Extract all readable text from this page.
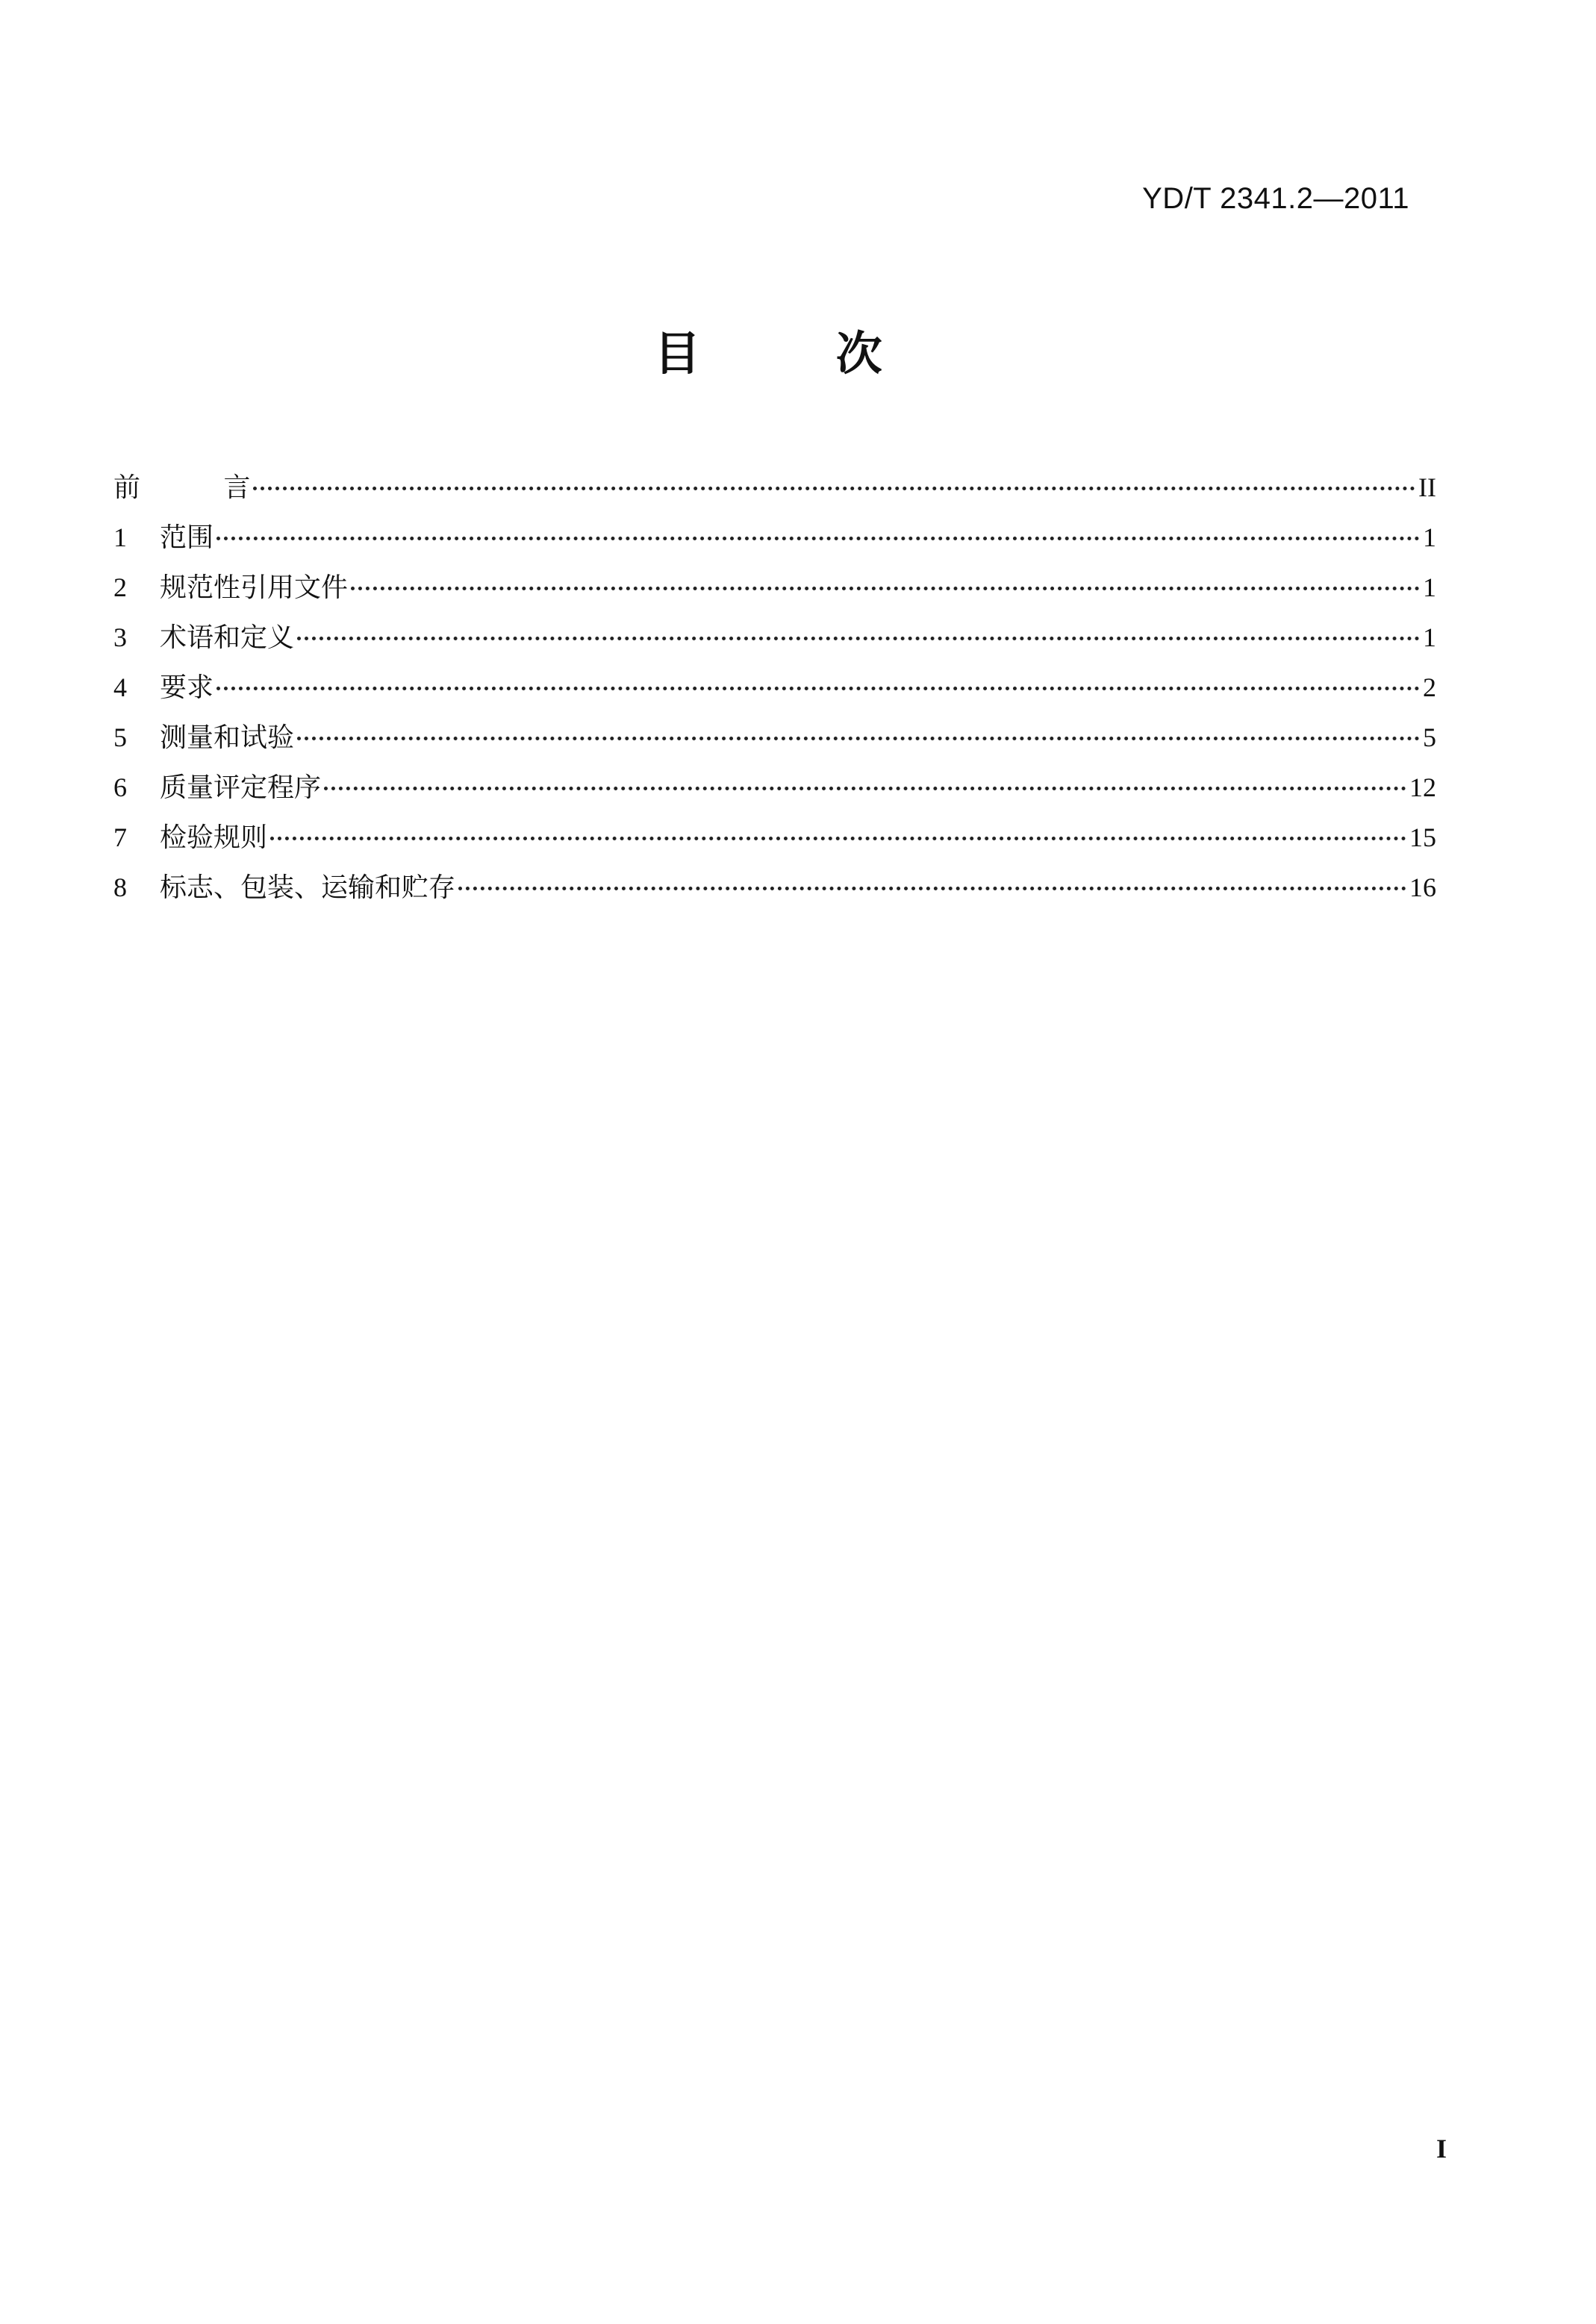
YD/T 2341.2—2011
目 次
前 言	II
1	范围	1
2	规范性引用文件	1
3	术语和定义	1
4	要求	2
5	测量和试验	5
6	质量评定程序	12
7	检验规则	15
8	标志、包装、运输和贮存	16
I
